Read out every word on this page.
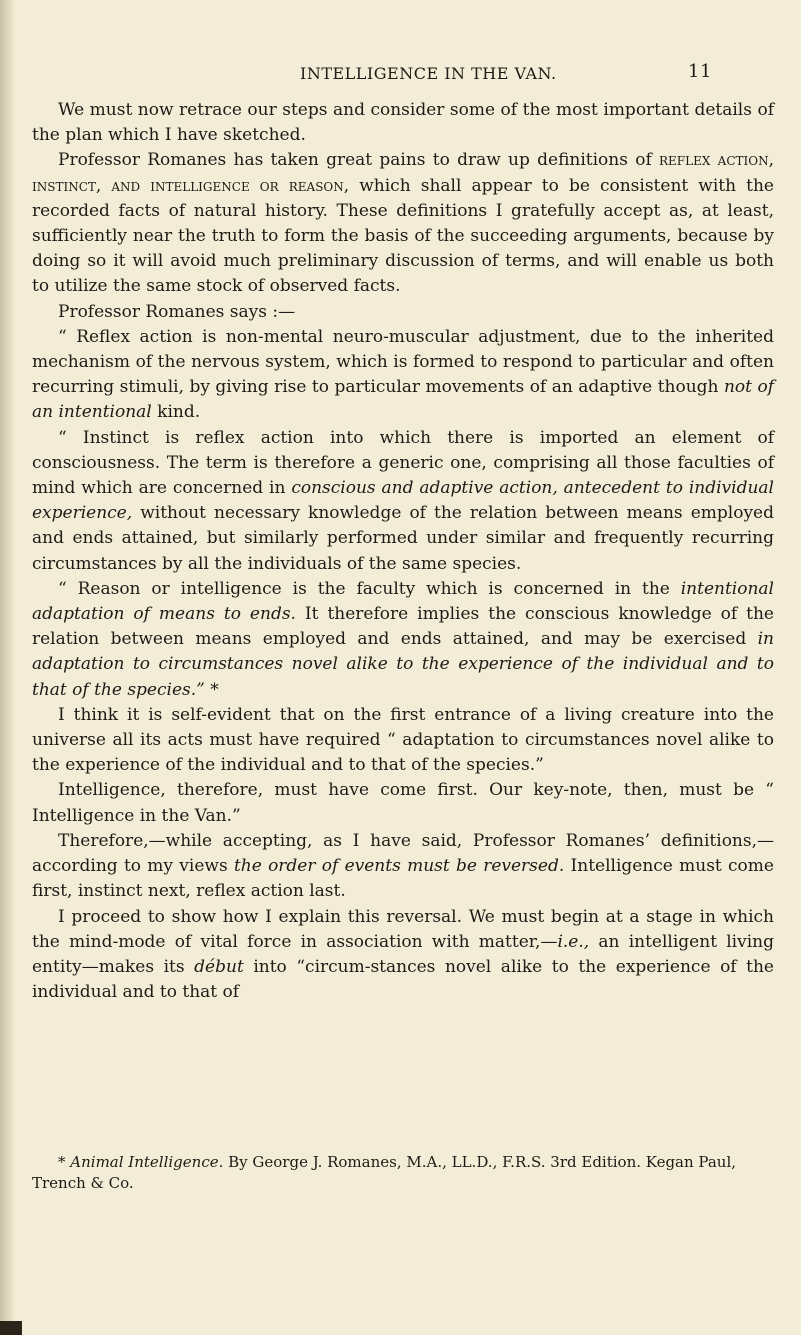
INTELLIGENCE IN THE VAN.	11

We must now retrace our steps and consider some of the most important details of the plan which I have sketched.

Professor Romanes has taken great pains to draw up definitions of reflex action, instinct, and intelligence or reason, which shall appear to be consistent with the recorded facts of natural history. These definitions I gratefully accept as, at least, sufficiently near the truth to form the basis of the succeeding arguments, because by doing so it will avoid much preliminary discussion of terms, and will enable us both to utilize the same stock of observed facts.

Professor Romanes says :—

“ Reflex action is non-mental neuro-muscular adjustment, due to the inherited mechanism of the nervous system, which is formed to respond to particular and often recurring stimuli, by giving rise to particular movements of an adaptive though not of an intentional kind.

“ Instinct is reflex action into which there is imported an element of consciousness. The term is therefore a generic one, comprising all those faculties of mind which are concerned in conscious and adaptive action, antecedent to individual experience, without necessary knowledge of the relation between means employed and ends attained, but similarly performed under similar and frequently recurring circumstances by all the individuals of the same species.

“ Reason or intelligence is the faculty which is concerned in the intentional adaptation of means to ends. It therefore implies the conscious knowledge of the relation between means employed and ends attained, and may be exercised in adaptation to circumstances novel alike to the experience of the individual and to that of the species.” *

I think it is self-evident that on the first entrance of a living creature into the universe all its acts must have required “ adaptation to circumstances novel alike to the experience of the individual and to that of the species.”

Intelligence, therefore, must have come first. Our key-note, then, must be “ Intelligence in the Van.”

Therefore,—while accepting, as I have said, Professor Romanes’ definitions,—according to my views the order of events must be reversed. Intelligence must come first, instinct next, reflex action last.

I proceed to show how I explain this reversal. We must begin at a stage in which the mind-mode of vital force in association with matter,—i.e., an intelligent living entity—makes its début into “circum-stances novel alike to the experience of the individual and to that of

* Animal Intelligence. By George J. Romanes, M.A., LL.D., F.R.S. 3rd Edition. Kegan Paul, Trench & Co.
